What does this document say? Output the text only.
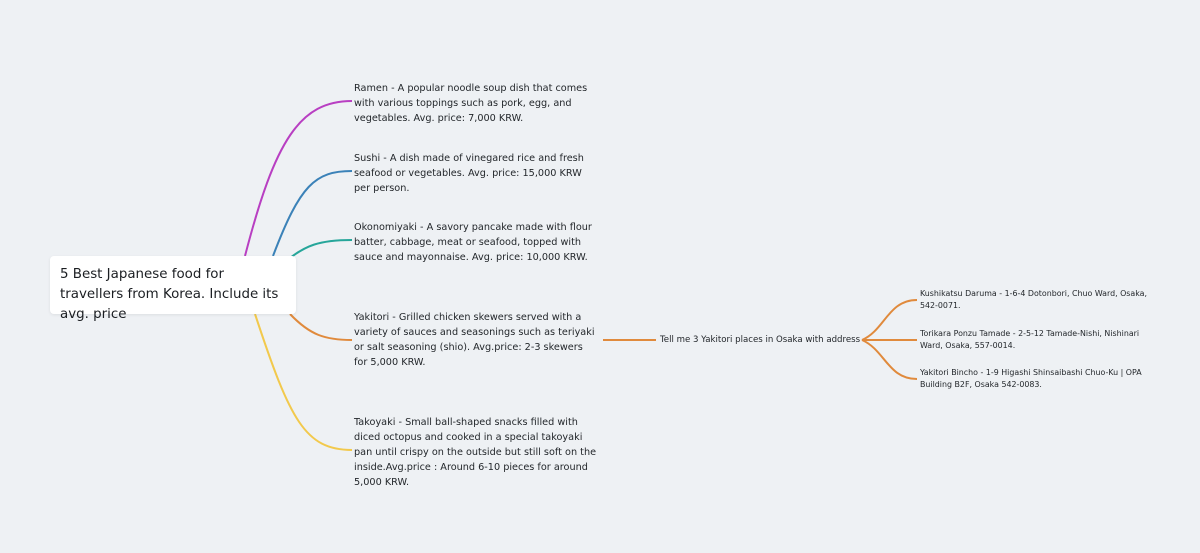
5 Best Japanese food for travellers from Korea. Include its avg. price
Ramen - A popular noodle soup dish that comes
with various toppings such as pork, egg, and
vegetables. Avg. price: 7,000 KRW.
Sushi - A dish made of vinegared rice and fresh
seafood or vegetables. Avg. price: 15,000 KRW
per person.
Okonomiyaki - A savory pancake made with flour
batter, cabbage, meat or seafood, topped with
sauce and mayonnaise. Avg. price: 10,000 KRW.
Yakitori - Grilled chicken skewers served with a
variety of sauces and seasonings such as teriyaki
or salt seasoning (shio). Avg.price: 2-3 skewers
for 5,000 KRW.
Takoyaki - Small ball-shaped snacks filled with
diced octopus and cooked in a special takoyaki
pan until crispy on the outside but still soft on the
inside.Avg.price : Around 6-10 pieces for around
5,000 KRW.
Tell me 3 Yakitori places in Osaka with address
Kushikatsu Daruma - 1-6-4 Dotonbori, Chuo Ward, Osaka,
542-0071.
Torikara Ponzu Tamade - 2-5-12 Tamade-Nishi, Nishinari
Ward, Osaka, 557-0014.
Yakitori Bincho - 1-9 Higashi Shinsaibashi Chuo-Ku | OPA
Building B2F, Osaka 542-0083.
